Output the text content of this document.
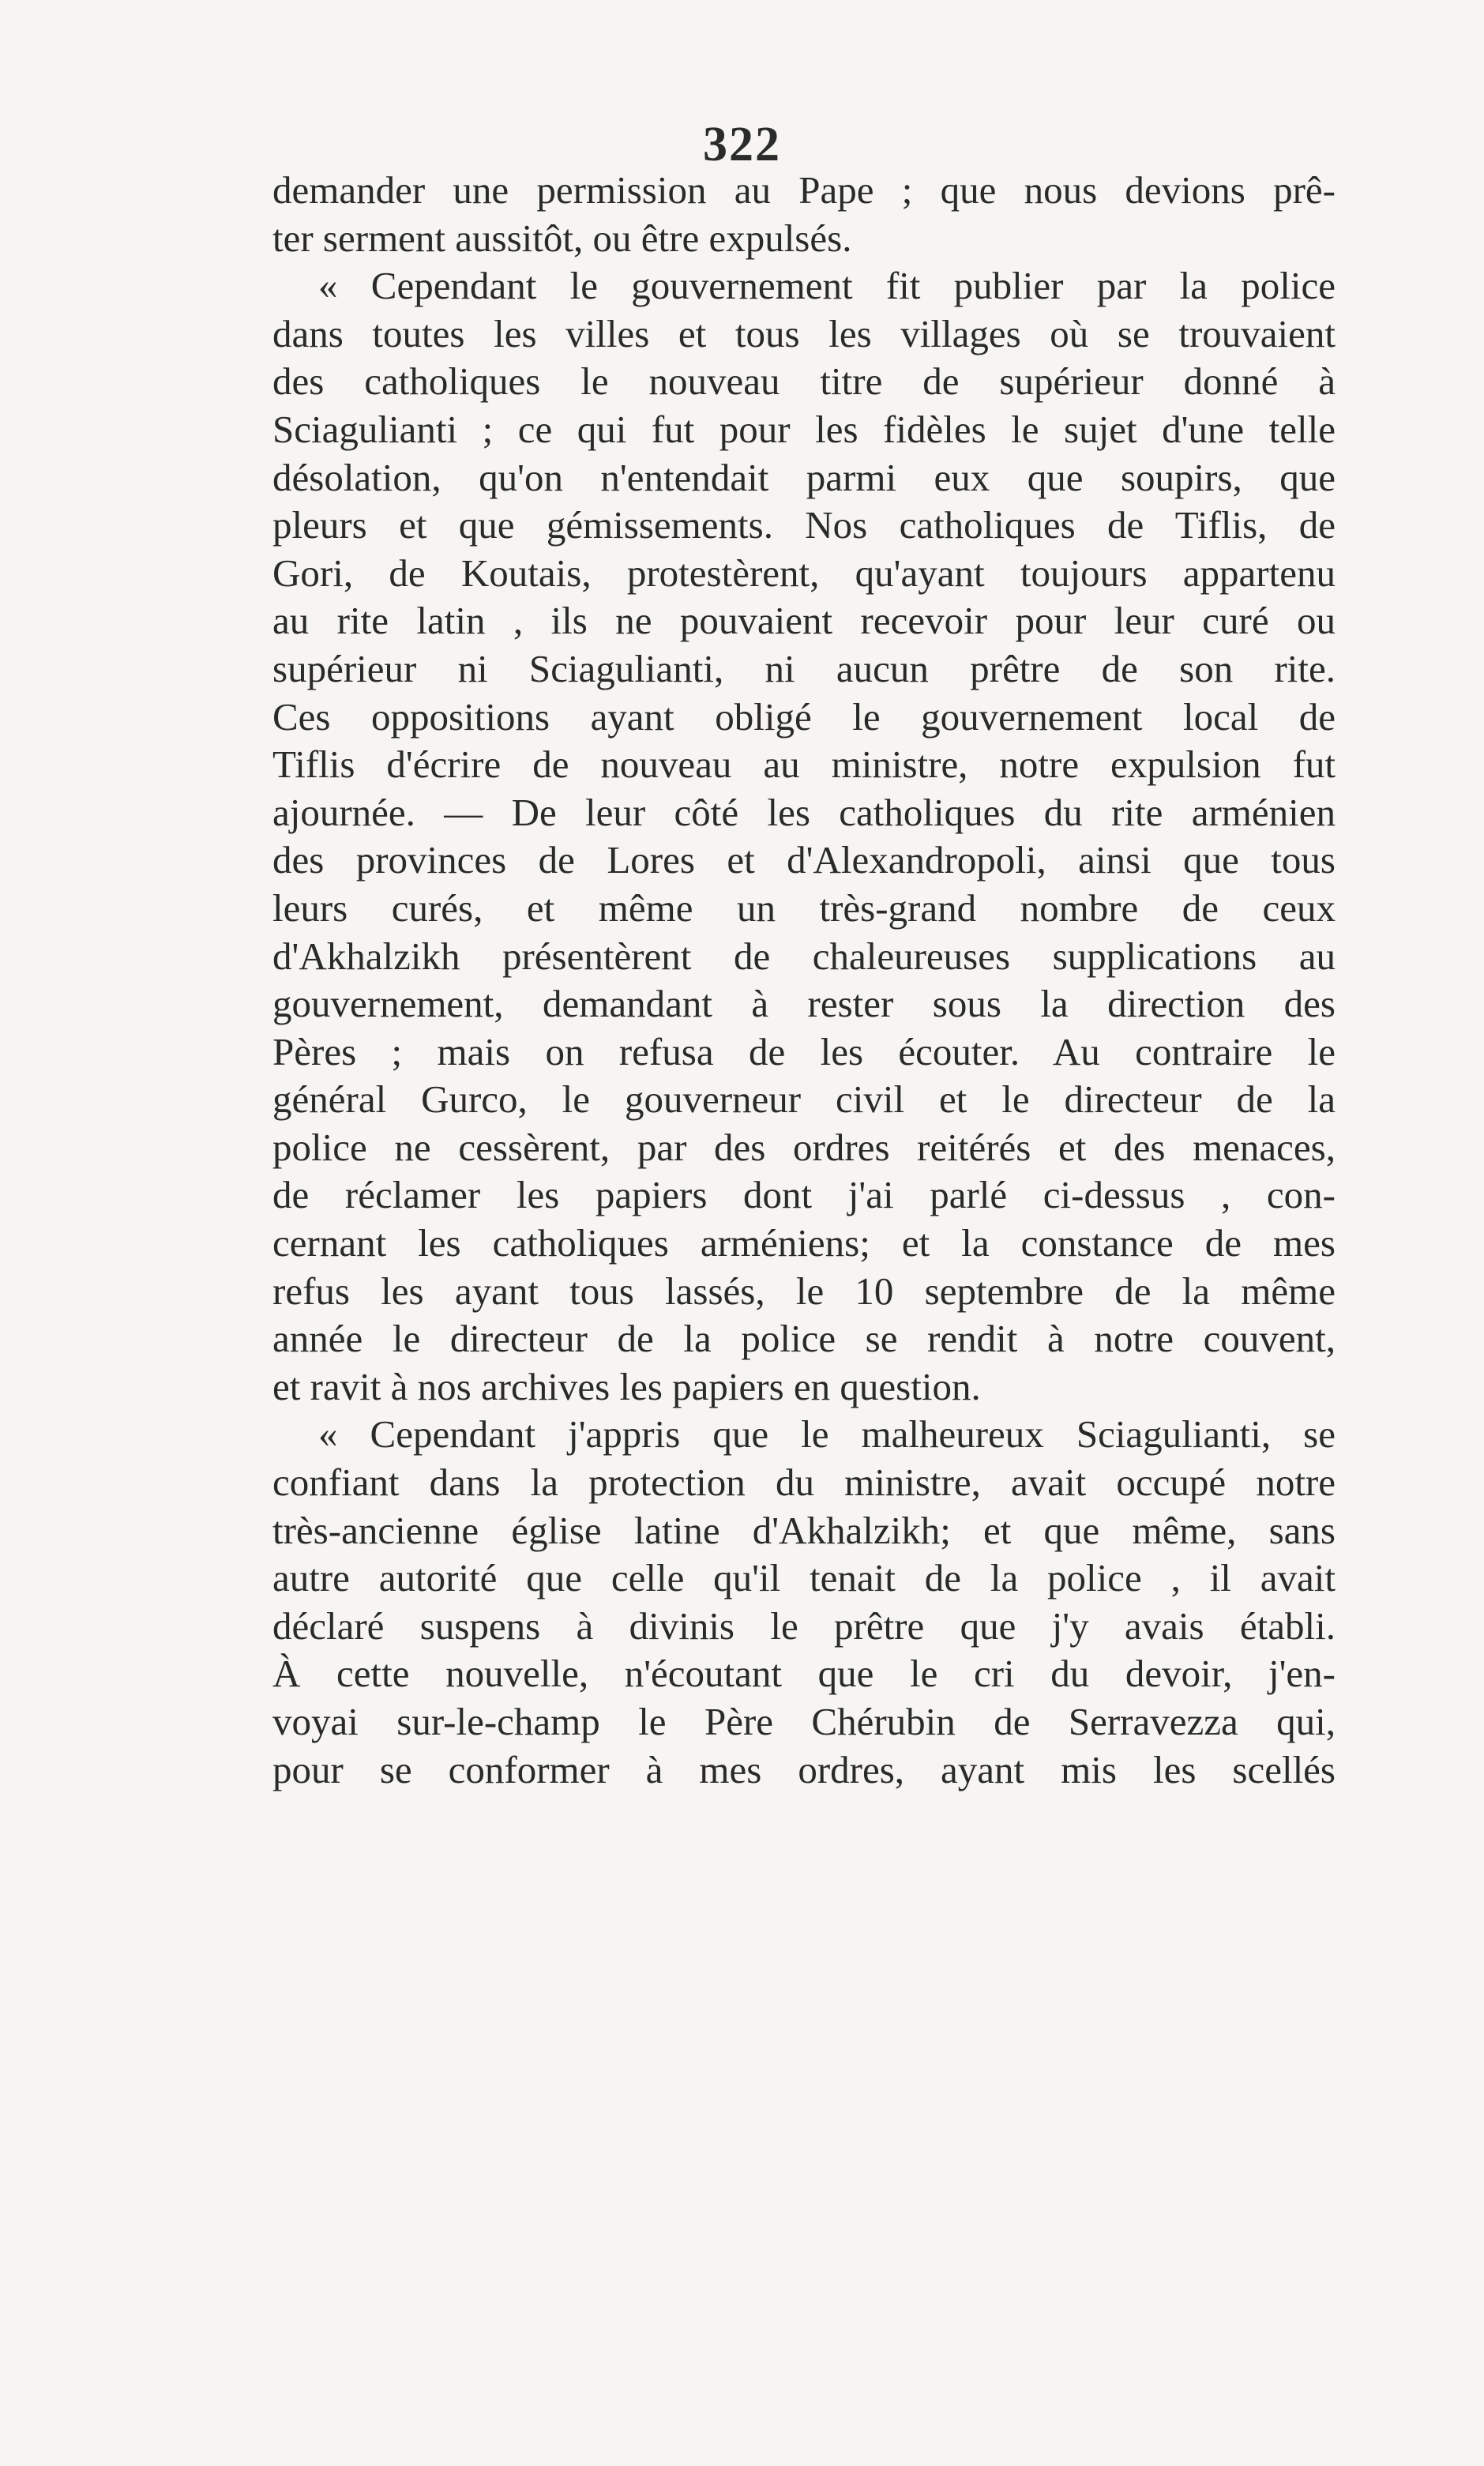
322
demander une permission au Pape ; que nous devions prê-
ter serment aussitôt, ou être expulsés.
« Cependant le gouvernement fit publier par la police
dans toutes les villes et tous les villages où se trouvaient
des catholiques le nouveau titre de supérieur donné à
Sciagulianti ; ce qui fut pour les fidèles le sujet d'une telle
désolation, qu'on n'entendait parmi eux que soupirs, que
pleurs et que gémissements. Nos catholiques de Tiflis, de
Gori, de Koutais, protestèrent, qu'ayant toujours appartenu
au rite latin , ils ne pouvaient recevoir pour leur curé ou
supérieur ni Sciagulianti, ni aucun prêtre de son rite.
Ces oppositions ayant obligé le gouvernement local de
Tiflis d'écrire de nouveau au ministre, notre expulsion fut
ajournée. — De leur côté les catholiques du rite arménien
des provinces de Lores et d'Alexandropoli, ainsi que tous
leurs curés, et même un très-grand nombre de ceux
d'Akhalzikh présentèrent de chaleureuses supplications au
gouvernement, demandant à rester sous la direction des
Pères ; mais on refusa de les écouter. Au contraire le
général Gurco, le gouverneur civil et le directeur de la
police ne cessèrent, par des ordres reitérés et des menaces,
de réclamer les papiers dont j'ai parlé ci-dessus , con-
cernant les catholiques arméniens; et la constance de mes
refus les ayant tous lassés, le 10 septembre de la même
année le directeur de la police se rendit à notre couvent,
et ravit à nos archives les papiers en question.
« Cependant j'appris que le malheureux Sciagulianti, se
confiant dans la protection du ministre, avait occupé notre
très-ancienne église latine d'Akhalzikh; et que même, sans
autre autorité que celle qu'il tenait de la police , il avait
déclaré suspens à divinis le prêtre que j'y avais établi.
À cette nouvelle, n'écoutant que le cri du devoir, j'en-
voyai sur-le-champ le Père Chérubin de Serravezza qui,
pour se conformer à mes ordres, ayant mis les scellés
